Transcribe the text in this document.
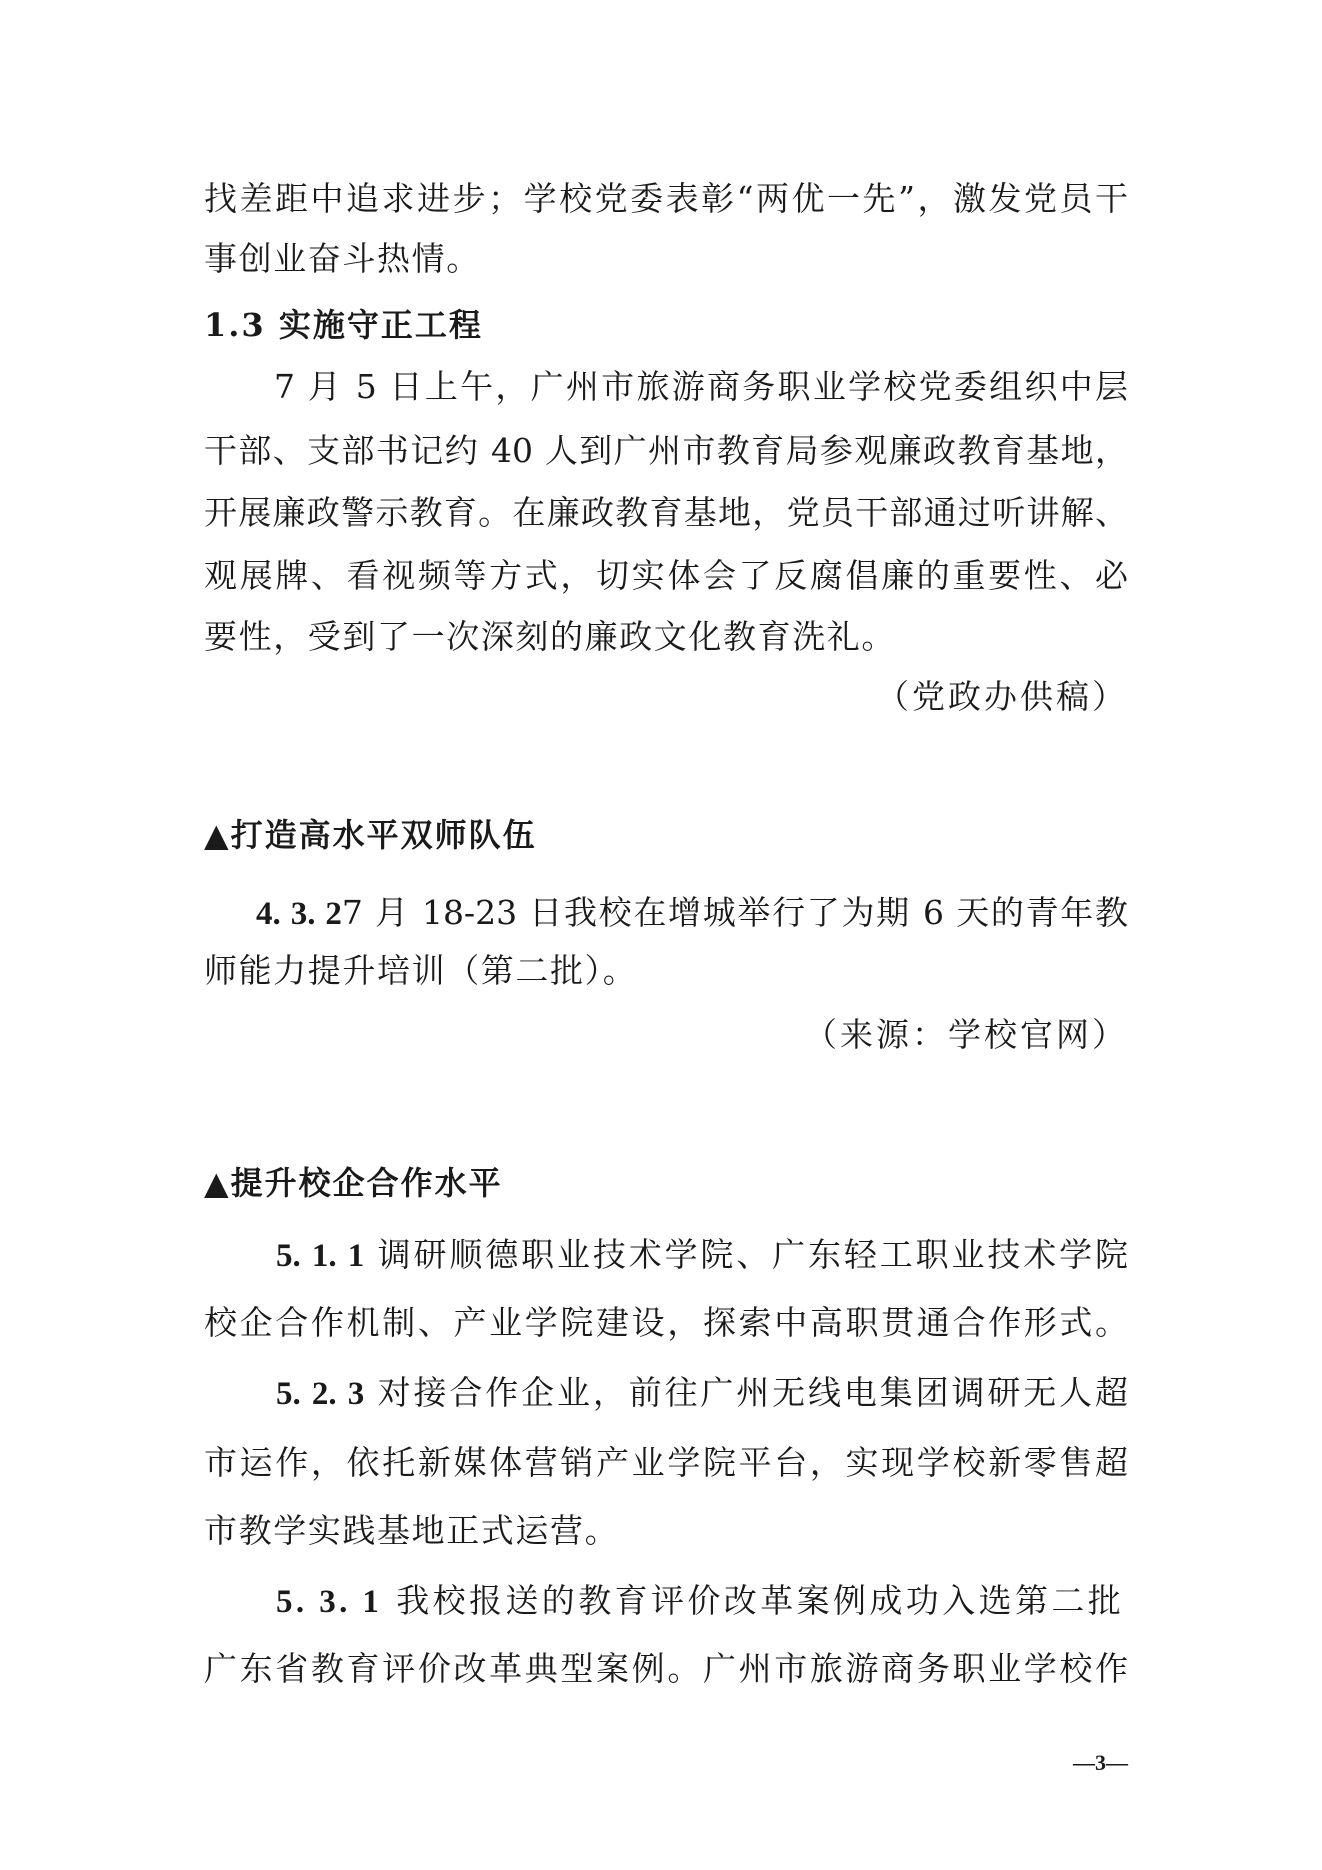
找差距中追求进步；学校党委表彰“两优一先”，激发党员干
事创业奋斗热情。
1.3 实施守正工程
7 月 5 日上午，广州市旅游商务职业学校党委组织中层
干部、支部书记约 40 人到广州市教育局参观廉政教育基地，
开展廉政警示教育。在廉政教育基地，党员干部通过听讲解、
观展牌、看视频等方式，切实体会了反腐倡廉的重要性、必
要性，受到了一次深刻的廉政文化教育洗礼。
（党政办供稿）
▲打造高水平双师队伍
4. 3. 27 月 18-23 日我校在增城举行了为期 6 天的青年教
师能力提升培训（第二批）。
（来源：学校官网）
▲提升校企合作水平
5. 1. 1 调研顺德职业技术学院、广东轻工职业技术学院
校企合作机制、产业学院建设，探索中高职贯通合作形式。
5. 2. 3 对接合作企业，前往广州无线电集团调研无人超
市运作，依托新媒体营销产业学院平台，实现学校新零售超
市教学实践基地正式运营。
5. 3. 1 我校报送的教育评价改革案例成功入选第二批
广东省教育评价改革典型案例。广州市旅游商务职业学校作
—3—
